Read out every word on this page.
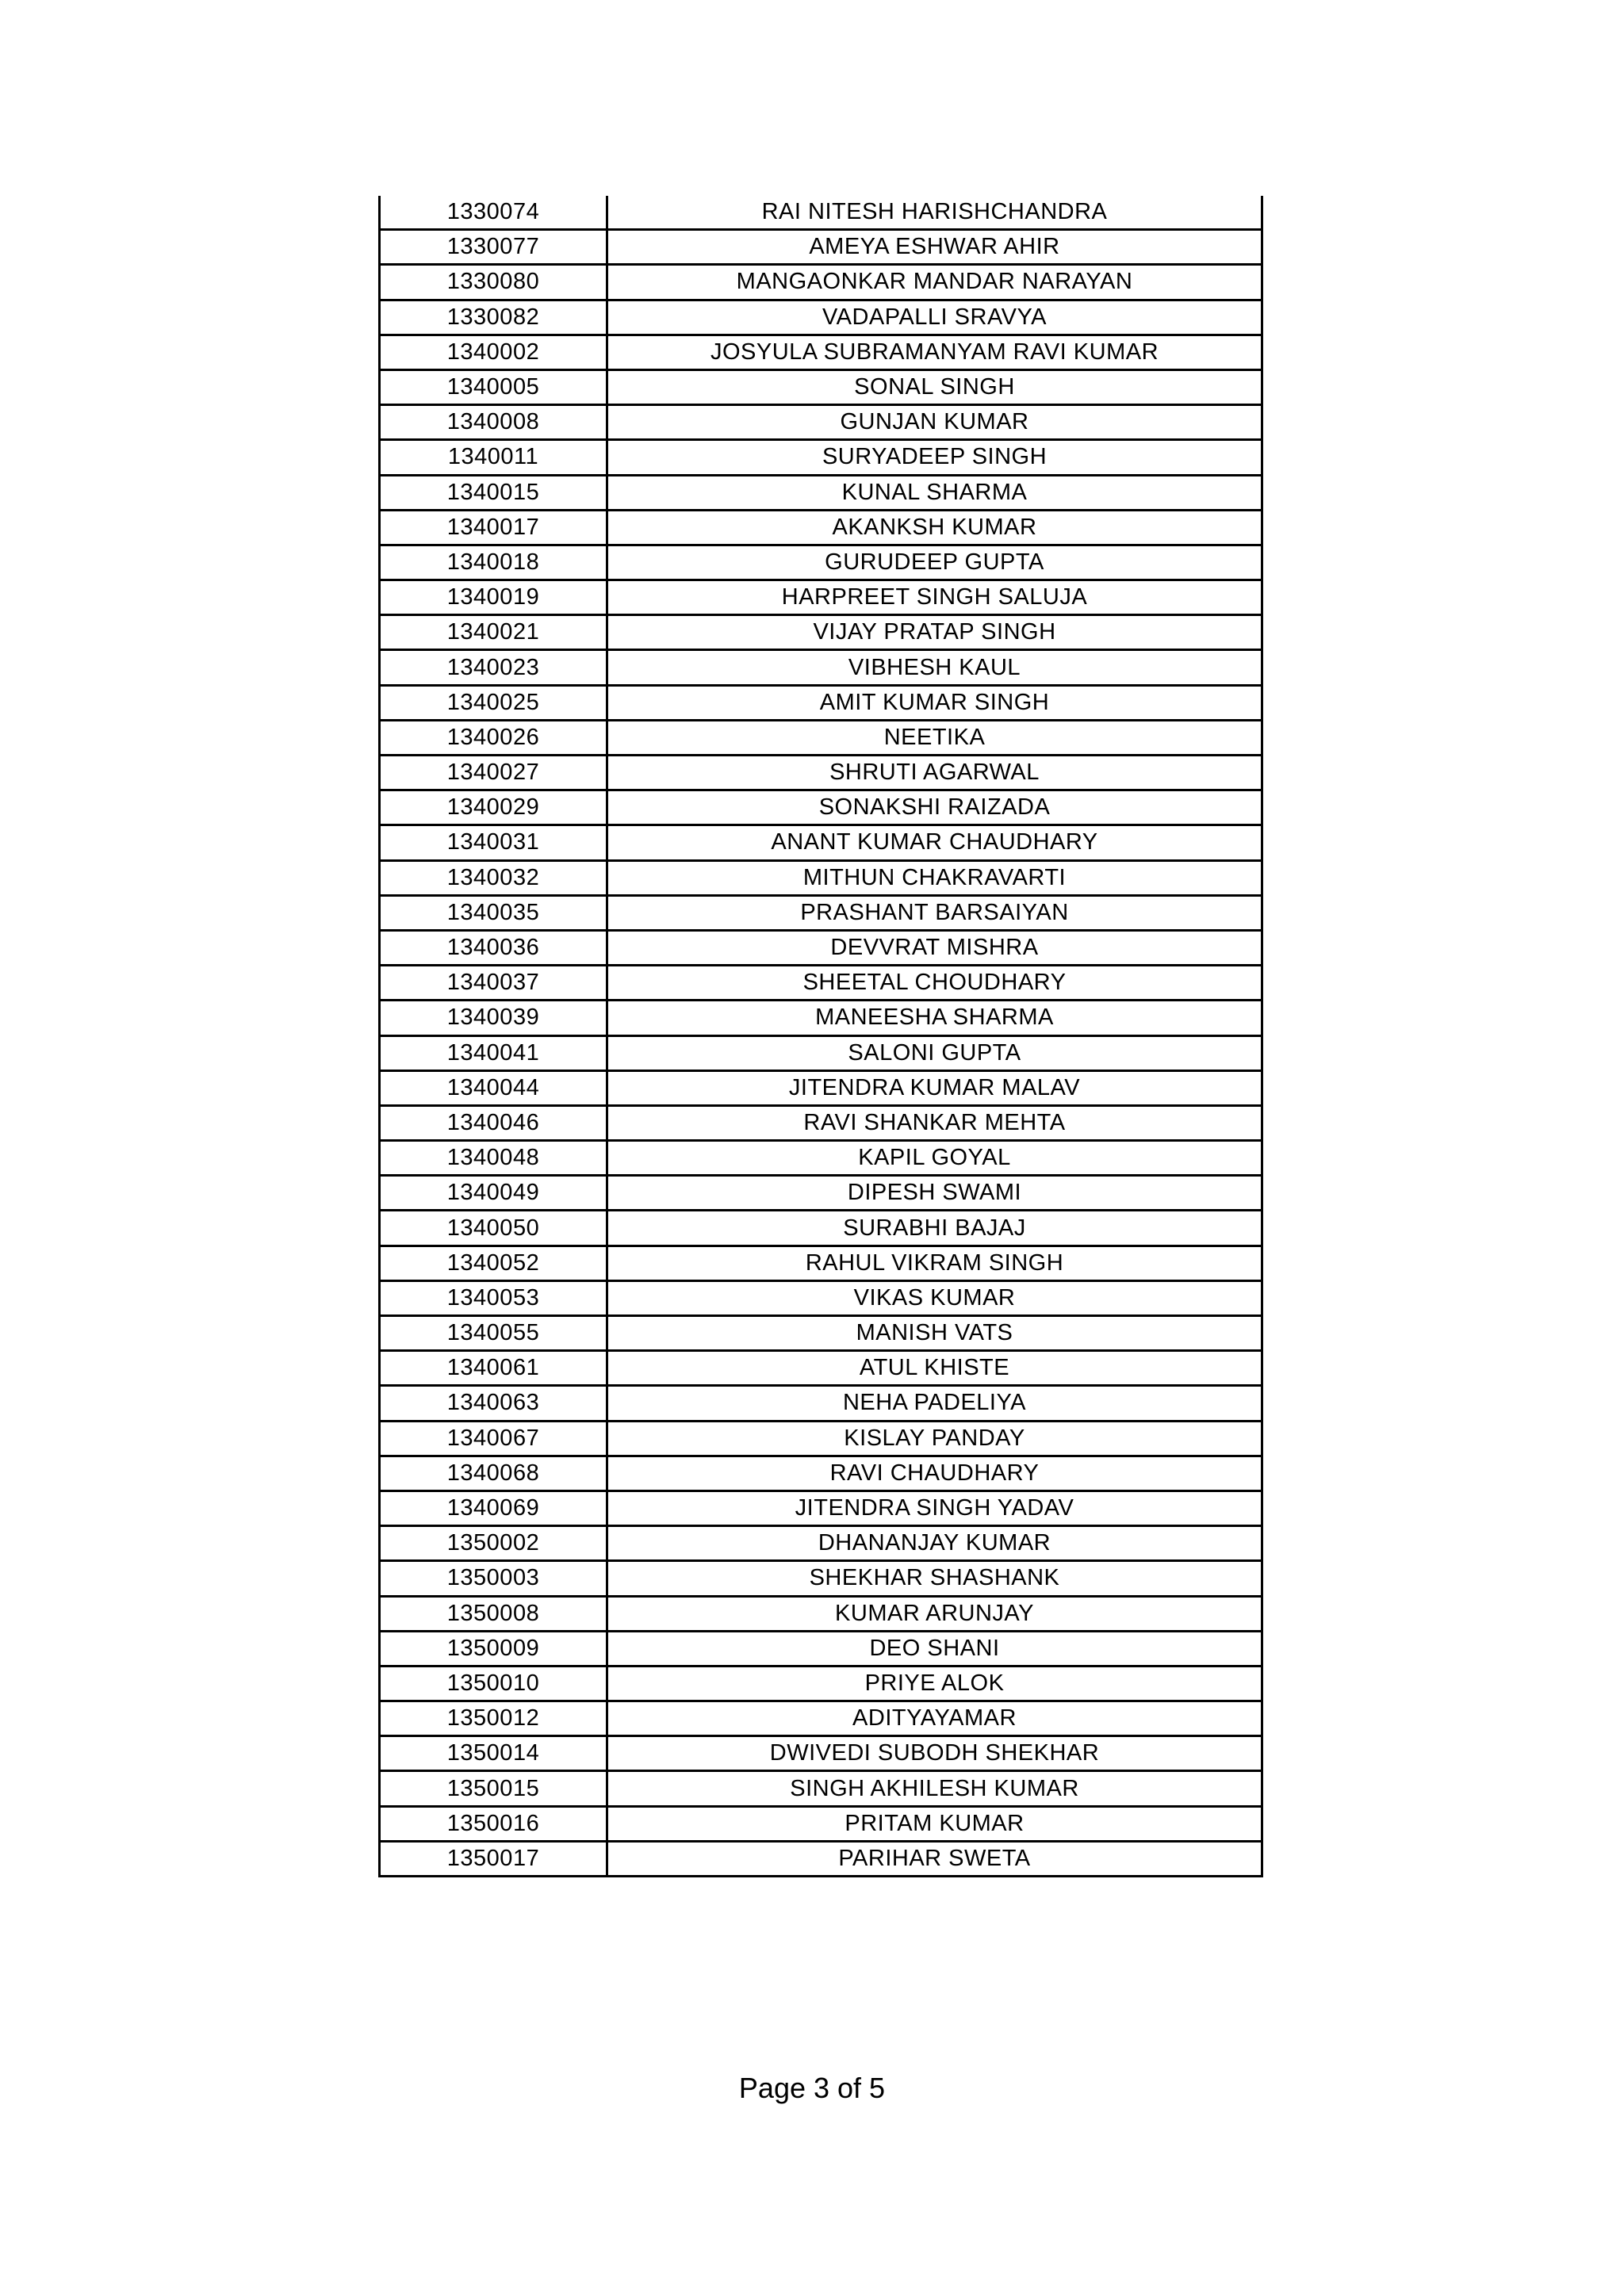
1330074	RAI NITESH HARISHCHANDRA
1330077	AMEYA ESHWAR AHIR
1330080	MANGAONKAR MANDAR NARAYAN
1330082	VADAPALLI SRAVYA
1340002	JOSYULA SUBRAMANYAM RAVI KUMAR
1340005	SONAL SINGH
1340008	GUNJAN KUMAR
1340011	SURYADEEP SINGH
1340015	KUNAL SHARMA
1340017	AKANKSH KUMAR
1340018	GURUDEEP GUPTA
1340019	HARPREET SINGH SALUJA
1340021	VIJAY PRATAP SINGH
1340023	VIBHESH KAUL
1340025	AMIT KUMAR SINGH
1340026	NEETIKA
1340027	SHRUTI AGARWAL
1340029	SONAKSHI RAIZADA
1340031	ANANT KUMAR CHAUDHARY
1340032	MITHUN CHAKRAVARTI
1340035	PRASHANT BARSAIYAN
1340036	DEVVRAT MISHRA
1340037	SHEETAL CHOUDHARY
1340039	MANEESHA SHARMA
1340041	SALONI GUPTA
1340044	JITENDRA KUMAR MALAV
1340046	RAVI SHANKAR MEHTA
1340048	KAPIL GOYAL
1340049	DIPESH SWAMI
1340050	SURABHI BAJAJ
1340052	RAHUL VIKRAM SINGH
1340053	VIKAS KUMAR
1340055	MANISH VATS
1340061	ATUL KHISTE
1340063	NEHA PADELIYA
1340067	KISLAY PANDAY
1340068	RAVI CHAUDHARY
1340069	JITENDRA SINGH YADAV
1350002	DHANANJAY KUMAR
1350003	SHEKHAR SHASHANK
1350008	KUMAR ARUNJAY
1350009	DEO SHANI
1350010	PRIYE ALOK
1350012	ADITYAYAMAR
1350014	DWIVEDI SUBODH SHEKHAR
1350015	SINGH AKHILESH KUMAR
1350016	PRITAM KUMAR
1350017	PARIHAR SWETA
Page 3 of 5
